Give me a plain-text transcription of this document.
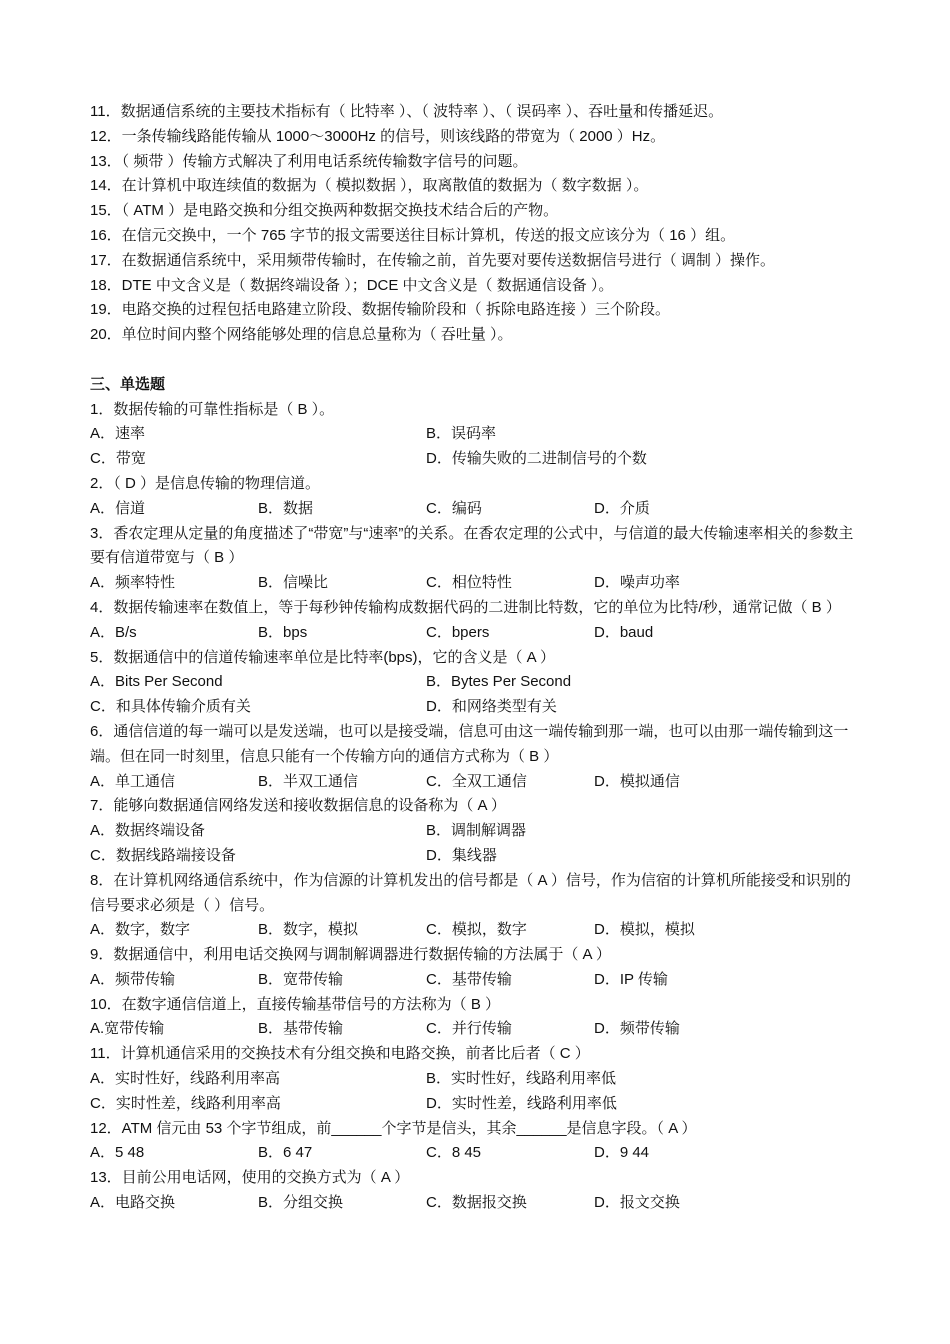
11．数据通信系统的主要技术指标有（ 比特率 ）、（ 波特率 ）、（ 误码率 ）、吞吐量和传播延迟。
12．一条传输线路能传输从 1000～3000Hz 的信号，则该线路的带宽为（ 2000 ）Hz。
13．（ 频带 ）传输方式解决了利用电话系统传输数字信号的问题。
14．在计算机中取连续值的数据为（ 模拟数据 ），取离散值的数据为（ 数字数据 ）。
15．（ ATM ）是电路交换和分组交换两种数据交换技术结合后的产物。
16．在信元交换中，一个 765 字节的报文需要送往目标计算机，传送的报文应该分为（ 16 ）组。
17．在数据通信系统中，采用频带传输时，在传输之前，首先要对要传送数据信号进行（ 调制 ）操作。
18．DTE 中文含义是（ 数据终端设备 ）；DCE 中文含义是（ 数据通信设备 ）。
19．电路交换的过程包括电路建立阶段、数据传输阶段和（ 拆除电路连接 ）三个阶段。
20．单位时间内整个网络能够处理的信息总量称为（ 吞吐量 ）。
三、单选题
1．数据传输的可靠性指标是（ B ）。
A．速率	B．误码率
C．带宽	D．传输失败的二进制信号的个数
2．（ D ）是信息传输的物理信道。
A．信道	B．数据	C．编码	D．介质
3．香农定理从定量的角度描述了“带宽”与“速率”的关系。在香农定理的公式中，与信道的最大传输速率相关的参数主要有信道带宽与（ B ）
A．频率特性	B．信噪比	C．相位特性	D．噪声功率
4．数据传输速率在数值上，等于每秒钟传输构成数据代码的二进制比特数，它的单位为比特/秒，通常记做（ B ）
A．B/s	B．bps	C．bpers	D．baud
5．数据通信中的信道传输速率单位是比特率(bps)，它的含义是（ A ）
A．Bits Per Second	B．Bytes Per Second
C．和具体传输介质有关	D．和网络类型有关
6．通信信道的每一端可以是发送端，也可以是接受端，信息可由这一端传输到那一端，也可以由那一端传输到这一端。但在同一时刻里，信息只能有一个传输方向的通信方式称为（ B ）
A．单工通信	B．半双工通信	C．全双工通信	D．模拟通信
7．能够向数据通信网络发送和接收数据信息的设备称为（ A ）
A．数据终端设备	B．调制解调器
C．数据线路端接设备	D．集线器
8．在计算机网络通信系统中，作为信源的计算机发出的信号都是（ A ）信号，作为信宿的计算机所能接受和识别的信号要求必须是（ ）信号。
A．数字，数字	B．数字，模拟	C．模拟，数字	D．模拟，模拟
9．数据通信中，利用电话交换网与调制解调器进行数据传输的方法属于（ A ）
A．频带传输	B．宽带传输	C．基带传输	D．IP 传输
10．在数字通信信道上，直接传输基带信号的方法称为（ B ）
A.宽带传输	B．基带传输	C．并行传输	D．频带传输
11．计算机通信采用的交换技术有分组交换和电路交换，前者比后者（ C ）
A．实时性好，线路利用率高	B．实时性好，线路利用率低
C．实时性差，线路利用率高	D．实时性差，线路利用率低
12．ATM 信元由 53 个字节组成，前______个字节是信头，其余______是信息字段。（ A ）
A．5 48	B．6 47	C．8 45	D．9 44
13．目前公用电话网，使用的交换方式为（ A ）
A．电路交换	B．分组交换	C．数据报交换	D．报文交换
